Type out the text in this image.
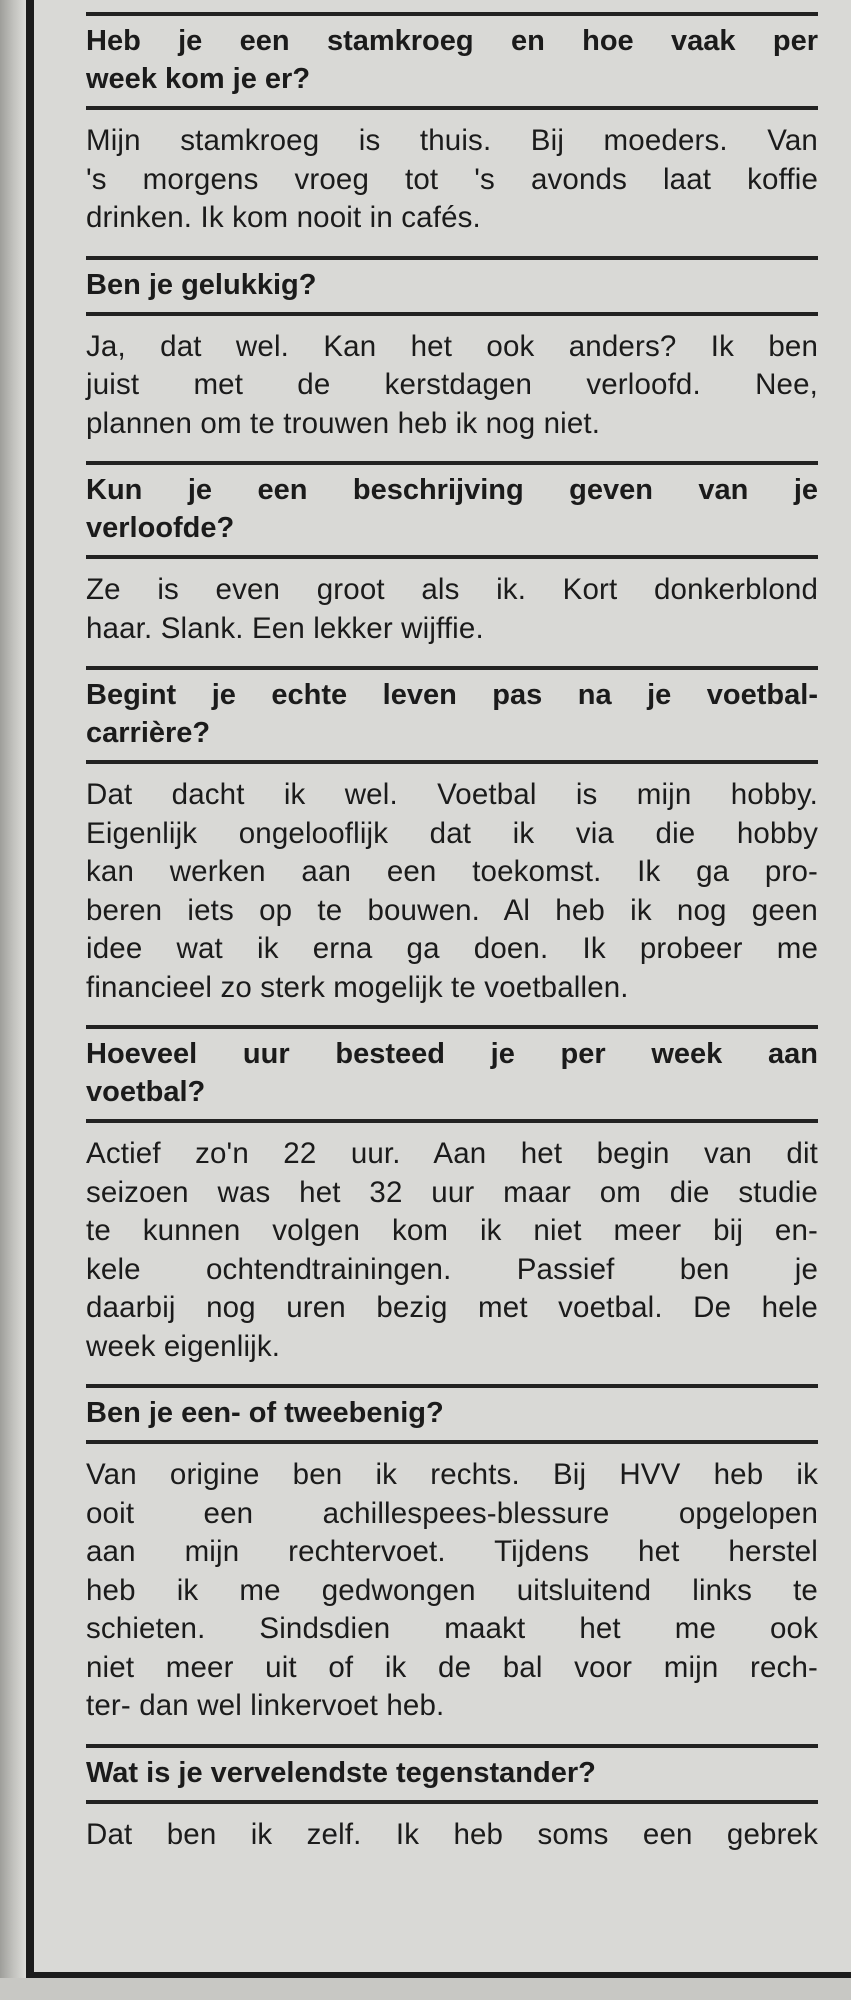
Heb je een stamkroeg en hoe vaak per
week kom je er?
Mijn stamkroeg is thuis. Bij moeders. Van
's morgens vroeg tot 's avonds laat koffie
drinken. Ik kom nooit in cafés.
Ben je gelukkig?
Ja, dat wel. Kan het ook anders? Ik ben
juist met de kerstdagen verloofd. Nee,
plannen om te trouwen heb ik nog niet.
Kun je een beschrijving geven van je
verloofde?
Ze is even groot als ik. Kort donkerblond
haar. Slank. Een lekker wijffie.
Begint je echte leven pas na je voetbal-
carrière?
Dat dacht ik wel. Voetbal is mijn hobby.
Eigenlijk ongelooflijk dat ik via die hobby
kan werken aan een toekomst. Ik ga pro-
beren iets op te bouwen. Al heb ik nog geen
idee wat ik erna ga doen. Ik probeer me
financieel zo sterk mogelijk te voetballen.
Hoeveel uur besteed je per week aan
voetbal?
Actief zo'n 22 uur. Aan het begin van dit
seizoen was het 32 uur maar om die studie
te kunnen volgen kom ik niet meer bij en-
kele ochtendtrainingen. Passief ben je
daarbij nog uren bezig met voetbal. De hele
week eigenlijk.
Ben je een- of tweebenig?
Van origine ben ik rechts. Bij HVV heb ik
ooit een achillespees-blessure opgelopen
aan mijn rechtervoet. Tijdens het herstel
heb ik me gedwongen uitsluitend links te
schieten. Sindsdien maakt het me ook
niet meer uit of ik de bal voor mijn rech-
ter- dan wel linkervoet heb.
Wat is je vervelendste tegenstander?
Dat ben ik zelf. Ik heb soms een gebrek
